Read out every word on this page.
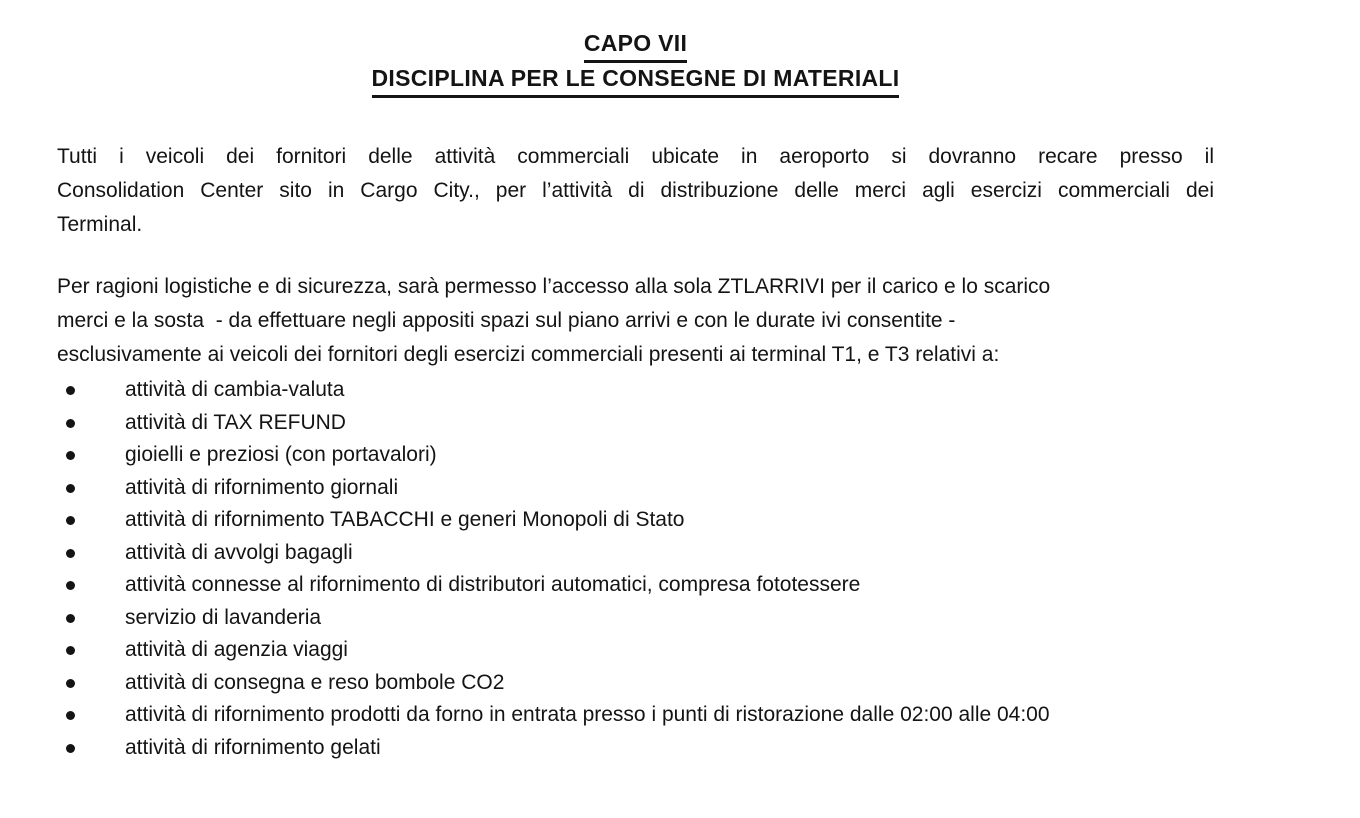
CAPO VII
DISCIPLINA PER LE CONSEGNE DI MATERIALI
Tutti i veicoli dei fornitori delle attività commerciali ubicate in aeroporto si dovranno recare presso il
Consolidation Center sito in Cargo City., per l’attività di distribuzione delle merci agli esercizi commerciali dei
Terminal.
Per ragioni logistiche e di sicurezza, sarà permesso l’accesso alla sola ZTLARRIVI per il carico e lo scarico
merci e la sosta  - da effettuare negli appositi spazi sul piano arrivi e con le durate ivi consentite -
esclusivamente ai veicoli dei fornitori degli esercizi commerciali presenti ai terminal T1, e T3 relativi a:
attività di cambia-valuta
attività di TAX REFUND
gioielli e preziosi (con portavalori)
attività di rifornimento giornali
attività di rifornimento TABACCHI e generi Monopoli di Stato
attività di avvolgi bagagli
attività connesse al rifornimento di distributori automatici, compresa fototessere
servizio di lavanderia
attività di agenzia viaggi
attività di consegna e reso bombole CO2
attività di rifornimento prodotti da forno in entrata presso i punti di ristorazione dalle 02:00 alle 04:00
attività di rifornimento gelati
